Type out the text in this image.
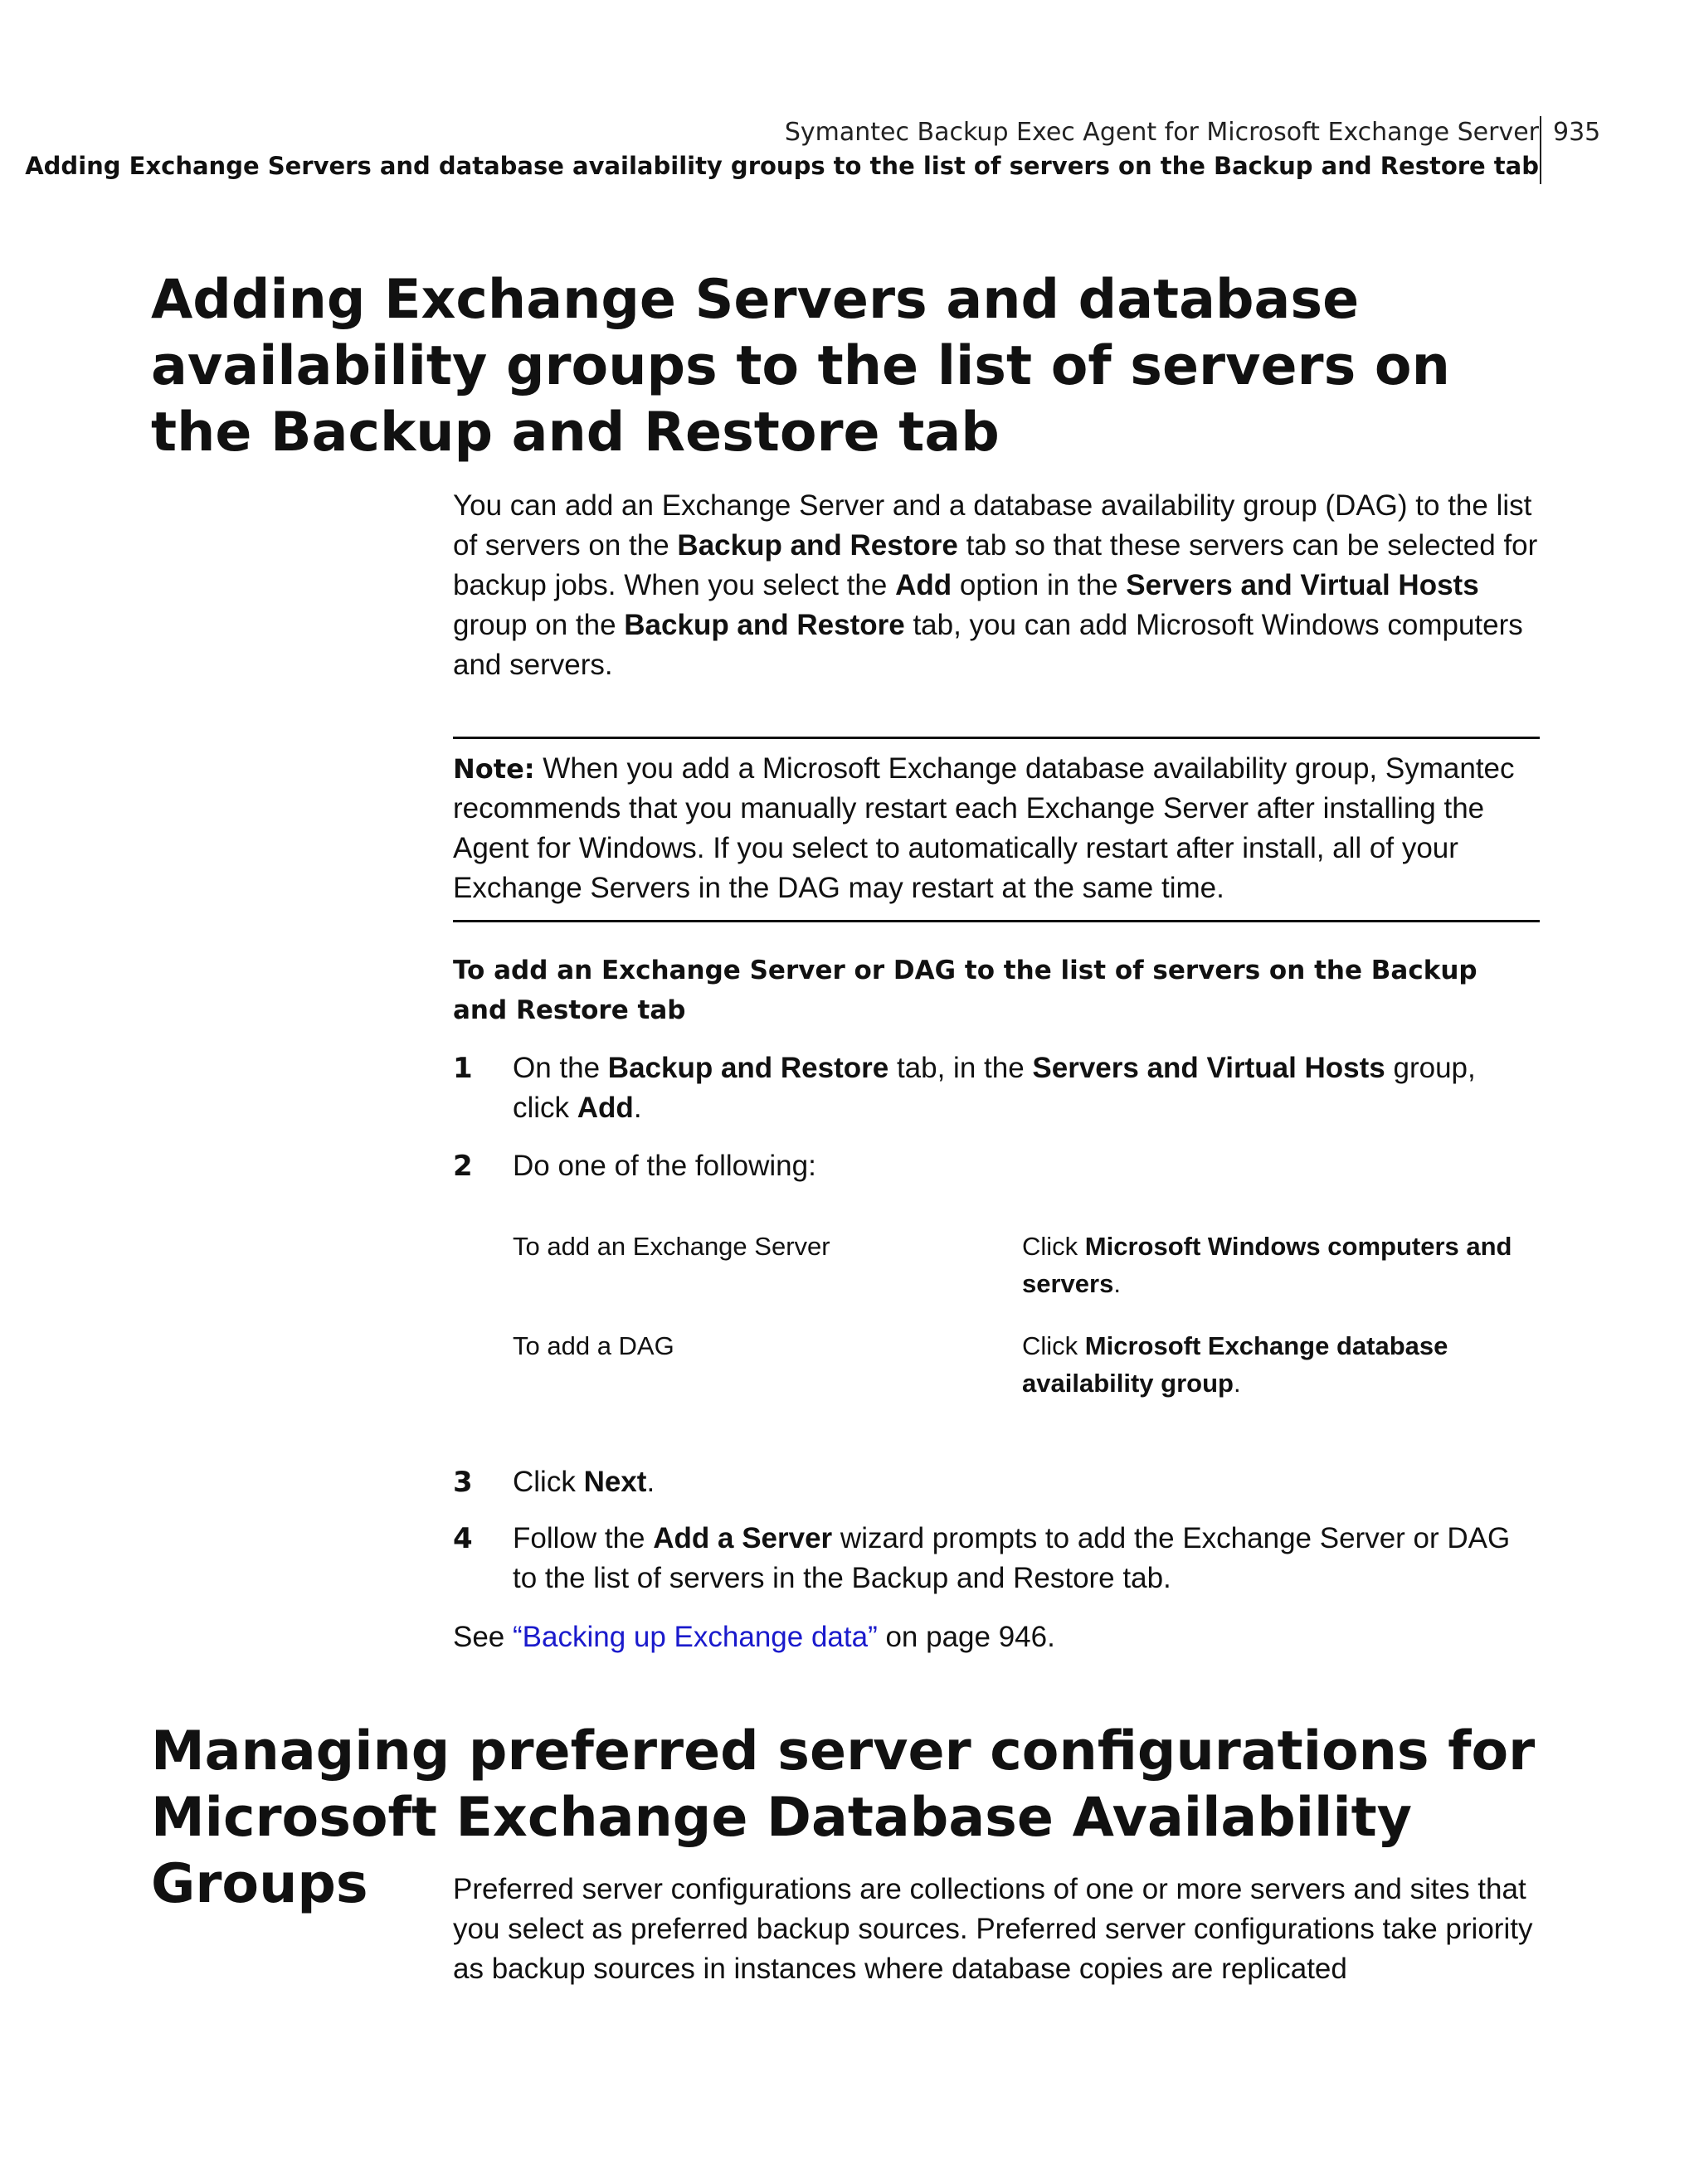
Symantec Backup Exec Agent for Microsoft Exchange Server
Adding Exchange Servers and database availability groups to the list of servers on the Backup and Restore tab
935
Adding Exchange Servers and database availability groups to the list of servers on the Backup and Restore tab

You can add an Exchange Server and a database availability group (DAG) to the list of servers on the Backup and Restore tab so that these servers can be selected for backup jobs. When you select the Add option in the Servers and Virtual Hosts group on the Backup and Restore tab, you can add Microsoft Windows computers and servers.

Note: When you add a Microsoft Exchange database availability group, Symantec recommends that you manually restart each Exchange Server after installing the Agent for Windows. If you select to automatically restart after install, all of your Exchange Servers in the DAG may restart at the same time.
To add an Exchange Server or DAG to the list of servers on the Backup and Restore tab
1 On the Backup and Restore tab, in the Servers and Virtual Hosts group, click Add.
2 Do one of the following:
To add an Exchange Server	Click Microsoft Windows computers and servers.
To add a DAG	Click Microsoft Exchange database availability group.
3 Click Next.
4 Follow the Add a Server wizard prompts to add the Exchange Server or DAG to the list of servers in the Backup and Restore tab.
See “Backing up Exchange data” on page 946.
Managing preferred server configurations for Microsoft Exchange Database Availability Groups	Preferred server configurations are collections of one or more servers and sites that you select as preferred backup sources. Preferred server configurations take priority as backup sources in instances where database copies are replicated
